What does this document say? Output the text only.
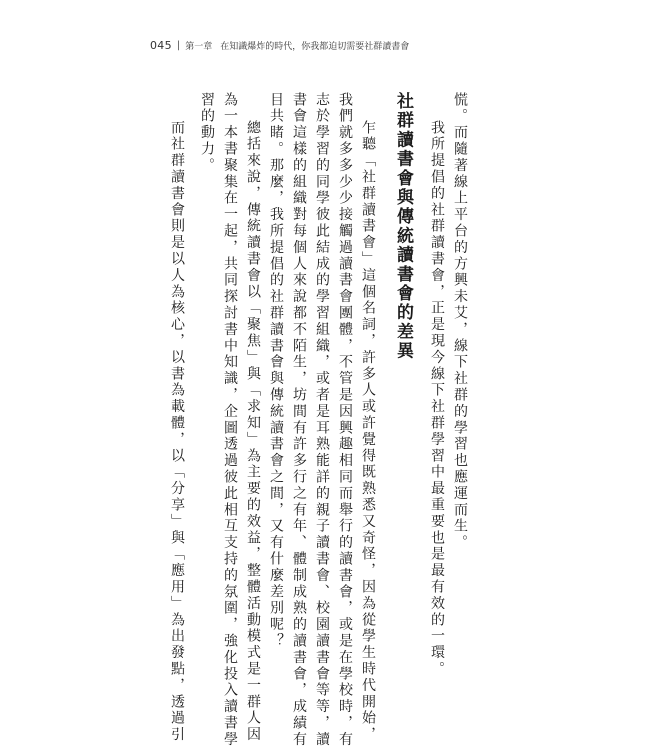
045 | 第一章 在知識爆炸的時代，你我都迫切需要社群讀書會
慌。而隨著線上平台的方興未艾，線下社群的學習也應運而生。
我所提倡的社群讀書會，正是現今線下社群學習中最重要也是最有效的一環。
社群讀書會與傳統讀書會的差異
乍聽「社群讀書會」這個名詞，許多人或許覺得既熟悉又奇怪，因為從學生時代開始，
我們就多多少少接觸過讀書會團體，不管是因興趣相同而舉行的讀書會，或是在學校時，有
志於學習的同學彼此結成的學習組織，或者是耳熟能詳的親子讀書會、校園讀書會等等，讀
書會這樣的組織對每個人來說都不陌生，坊間有許多行之有年、體制成熟的讀書會，成績有
目共睹。那麼，我所提倡的社群讀書會與傳統讀書會之間，又有什麼差別呢？
總括來說，傳統讀書會以「聚焦」與「求知」為主要的效益，整體活動模式是一群人因
為一本書聚集在一起，共同探討書中知識，企圖透過彼此相互支持的氛圍，強化投入讀書學
習的動力。
而社群讀書會則是以人為核心，以書為載體，以「分享」與「應用」為出發點，透過引
